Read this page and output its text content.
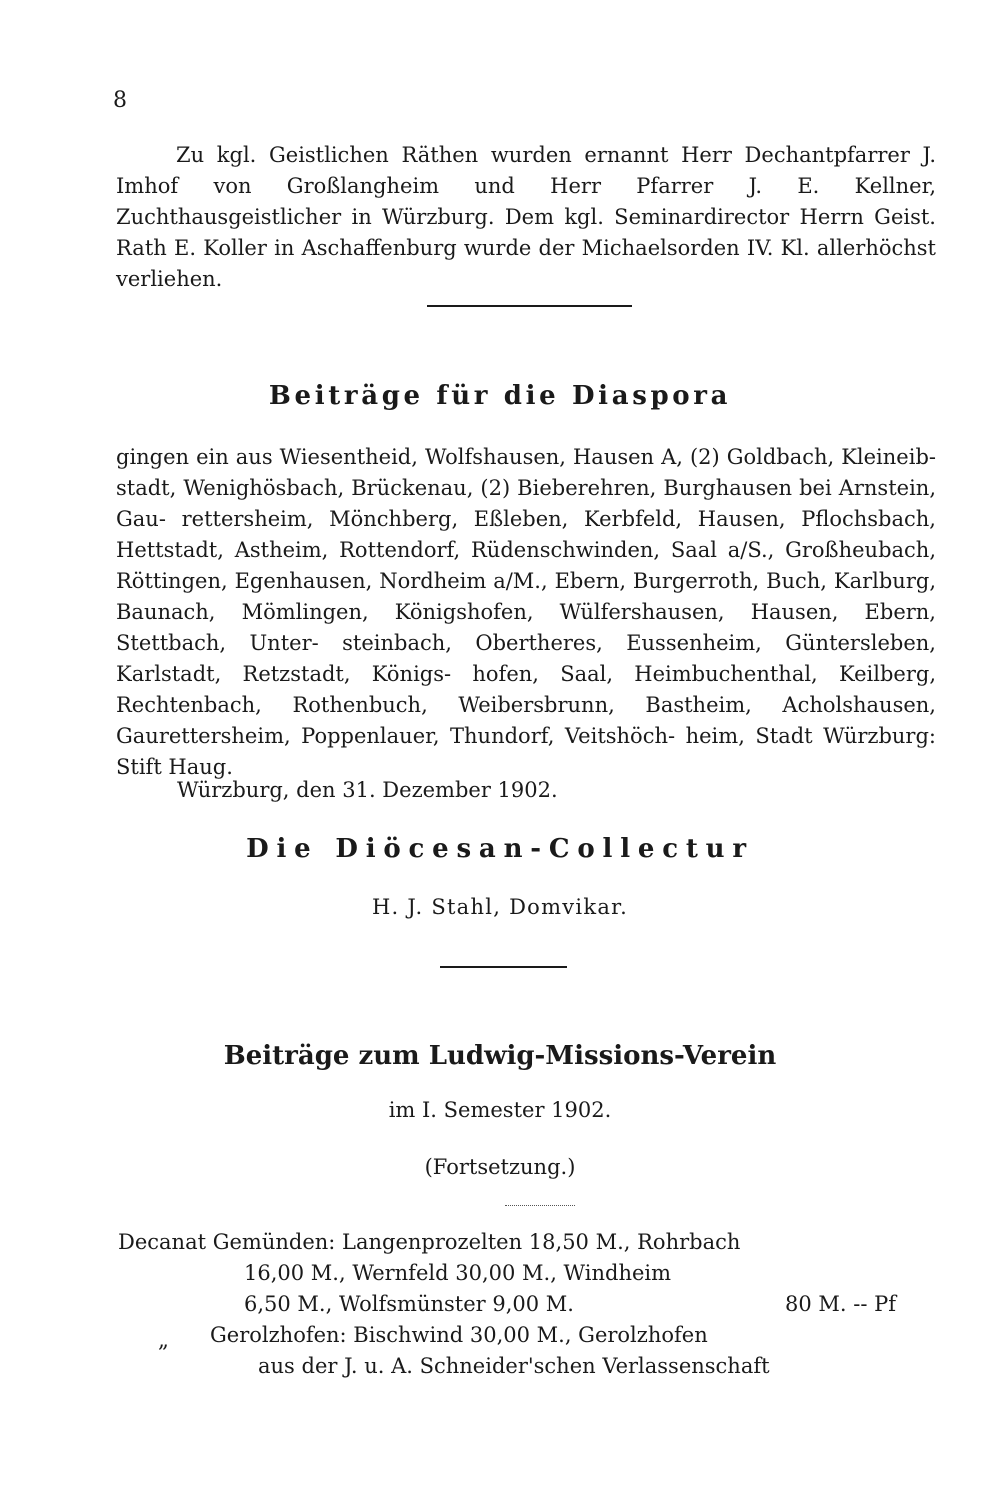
8
Zu kgl. Geistlichen Räthen wurden ernannt Herr Dechantpfarrer J. Imhof von Großlangheim und Herr Pfarrer J. E. Kellner, Zuchthausgeistlicher in Würzburg. Dem kgl. Seminardirector Herrn Geist. Rath E. Koller in Aschaffenburg wurde der Michaelsorden IV. Kl. allerhöchst verliehen.
Beiträge für die Diaspora
gingen ein aus Wiesentheid, Wolfshausen, Hausen A, (2) Goldbach, Kleineib- stadt, Wenighösbach, Brückenau, (2) Bieberehren, Burghausen bei Arnstein, Gau- rettersheim, Mönchberg, Eßleben, Kerbfeld, Hausen, Pflochsbach, Hettstadt, Astheim, Rottendorf, Rüdenschwinden, Saal a/S., Großheubach, Röttingen, Egenhausen, Nordheim a/M., Ebern, Burgerroth, Buch, Karlburg, Baunach, Mömlingen, Königshofen, Wülfershausen, Hausen, Ebern, Stettbach, Unter- steinbach, Obertheres, Eussenheim, Güntersleben, Karlstadt, Retzstadt, Königs- hofen, Saal, Heimbuchenthal, Keilberg, Rechtenbach, Rothenbuch, Weibersbrunn, Bastheim, Acholshausen, Gaurettersheim, Poppenlauer, Thundorf, Veitshöch- heim, Stadt Würzburg: Stift Haug.
Würzburg, den 31. Dezember 1902.
Die Diöcesan-Collectur
H. J. Stahl, Domvikar.
Beiträge zum Ludwig-Missions-Verein
im I. Semester 1902.
(Fortsetzung.)
Decanat Gemünden: Langenprozelten 18,50 M., Rohrbach
16,00 M., Wernfeld 30,00 M., Windheim
6,50 M., Wolfsmünster 9,00 M.	80 M. -- Pf
„ Gerolzhofen: Bischwind 30,00 M., Gerolzhofen
aus der J. u. A. Schneider'schen Verlassenschaft
